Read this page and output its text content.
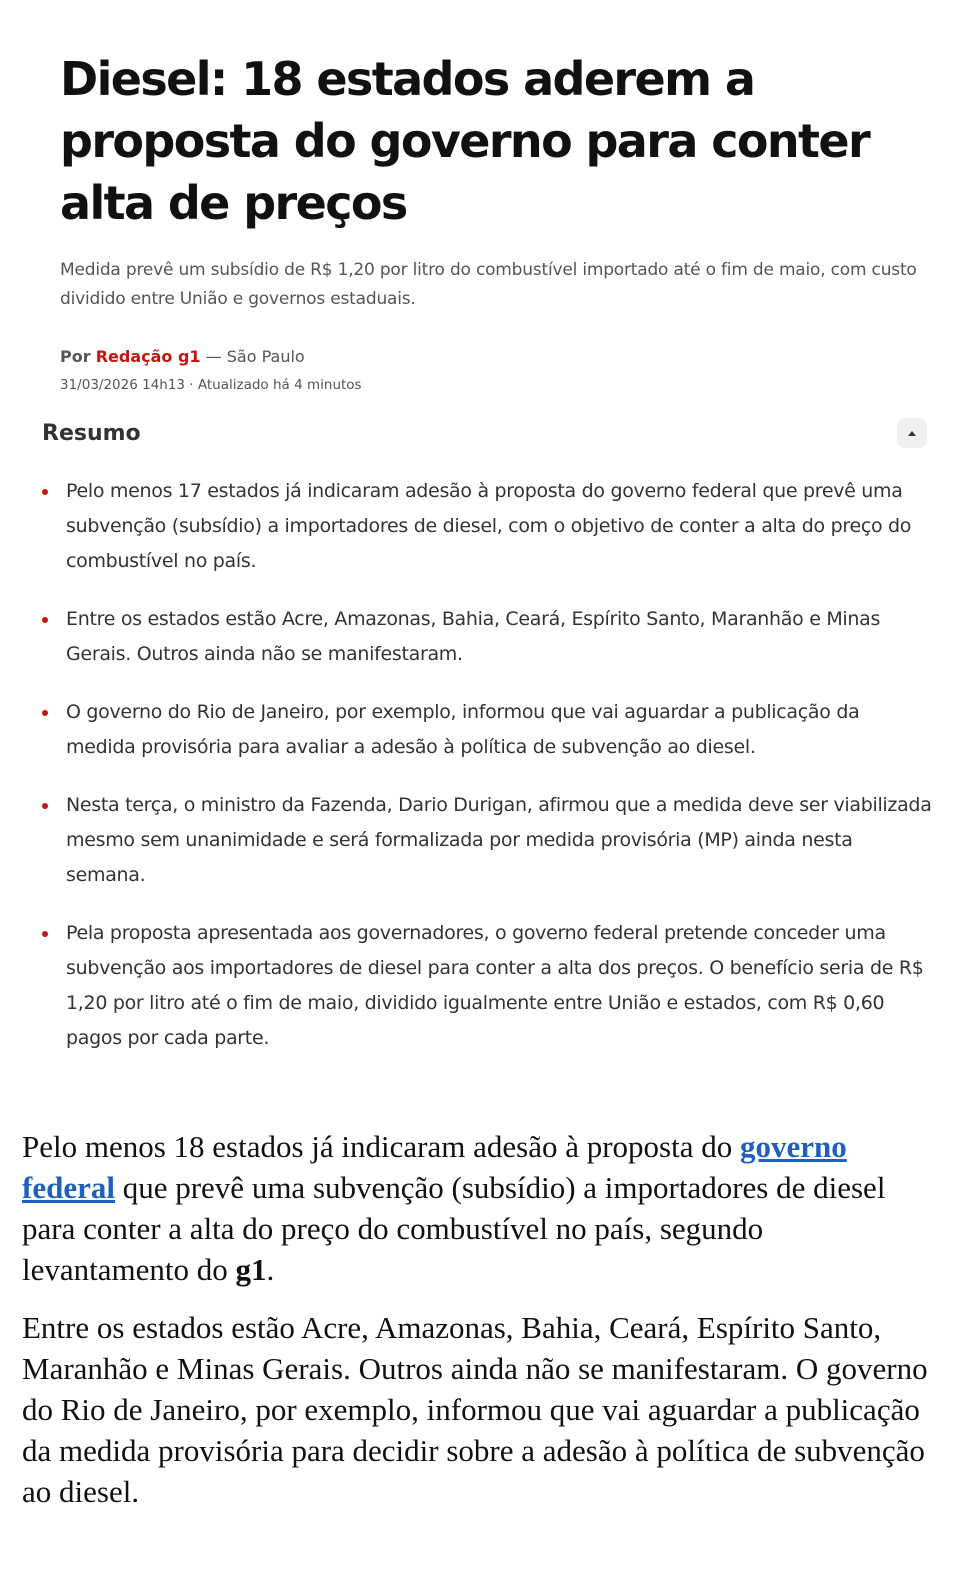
Diesel: 18 estados aderem a proposta do governo para conter alta de preços

Medida prevê um subsídio de R$ 1,20 por litro do combustível importado até o fim de maio, com custo dividido entre União e governos estaduais.

Por Redação g1 — São Paulo
31/03/2026 14h13 · Atualizado há 4 minutos
Resumo
Pelo menos 17 estados já indicaram adesão à proposta do governo federal que prevê uma subvenção (subsídio) a importadores de diesel, com o objetivo de conter a alta do preço do combustível no país.
Entre os estados estão Acre, Amazonas, Bahia, Ceará, Espírito Santo, Maranhão e Minas Gerais. Outros ainda não se manifestaram.
O governo do Rio de Janeiro, por exemplo, informou que vai aguardar a publicação da medida provisória para avaliar a adesão à política de subvenção ao diesel.
Nesta terça, o ministro da Fazenda, Dario Durigan, afirmou que a medida deve ser viabilizada mesmo sem unanimidade e será formalizada por medida provisória (MP) ainda nesta semana.
Pela proposta apresentada aos governadores, o governo federal pretende conceder uma subvenção aos importadores de diesel para conter a alta dos preços. O benefício seria de R$ 1,20 por litro até o fim de maio, dividido igualmente entre União e estados, com R$ 0,60 pagos por cada parte.

Pelo menos 18 estados já indicaram adesão à proposta do governo federal que prevê uma subvenção (subsídio) a importadores de diesel para conter a alta do preço do combustível no país, segundo levantamento do g1.

Entre os estados estão Acre, Amazonas, Bahia, Ceará, Espírito Santo, Maranhão e Minas Gerais. Outros ainda não se manifestaram. O governo do Rio de Janeiro, por exemplo, informou que vai aguardar a publicação da medida provisória para decidir sobre a adesão à política de subvenção ao diesel.
